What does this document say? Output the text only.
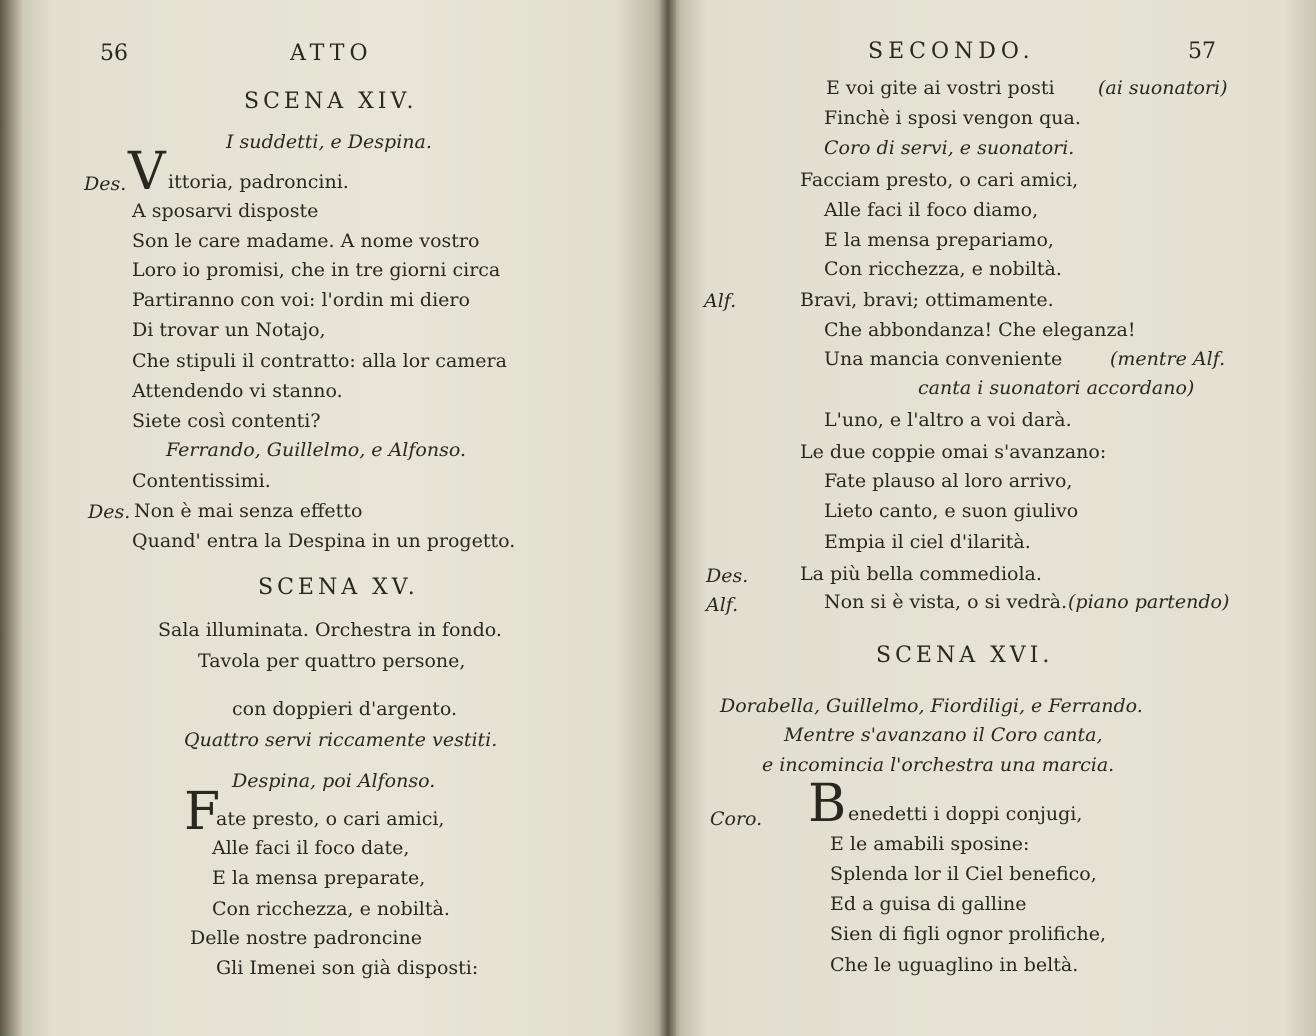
56	ATTO
SCENA XIV.
I suddetti, e Despina.
Des. V ittoria, padroncini.
A sposarvi disposte
Son le care madame. A nome vostro
Loro io promisi, che in tre giorni circa
Partiranno con voi: l'ordin mi diero
Di trovar un Notajo,
Che stipuli il contratto: alla lor camera
Attendendo vi stanno.
Siete così contenti?
Ferrando, Guillelmo, e Alfonso.
Contentissimi.
Des. Non è mai senza effetto
Quand' entra la Despina in un progetto.
SCENA XV.
Sala illuminata. Orchestra in fondo.
Tavola per quattro persone,
con doppieri d'argento.
Quattro servi riccamente vestiti.
Despina, poi Alfonso.
F
ate presto, o cari amici,
Alle faci il foco date,
E la mensa preparate,
Con ricchezza, e nobiltà.
Delle nostre padroncine
Gli Imenei son già disposti:
SECONDO.	57
E voi gite ai vostri posti (ai suonatori)
Finchè i sposi vengon qua.
Coro di servi, e suonatori.
Facciam presto, o cari amici,
Alle faci il foco diamo,
E la mensa prepariamo,
Con ricchezza, e nobiltà.
Alf.	Bravi, bravi; ottimamente.
Che abbondanza! Che eleganza!
Una mancia conveniente	(mentre Alf.
canta i suonatori accordano)
L'uno, e l'altro a voi darà.
Le due coppie omai s'avanzano:
Fate plauso al loro arrivo,
Lieto canto, e suon giulivo
Empia il ciel d'ilarità.
Des.	La più bella commediola.
Alf.	Non si è vista, o si vedrà. (piano partendo)
SCENA XVI.
Dorabella, Guillelmo, Fiordiligi, e Ferrando.
Mentre s'avanzano il Coro canta,
e incomincia l'orchestra una marcia.
Coro. B enedetti i doppi conjugi,
E le amabili sposine:
Splenda lor il Ciel benefico,
Ed a guisa di galline
Sien di figli ognor prolifiche,
Che le uguaglino in beltà.
